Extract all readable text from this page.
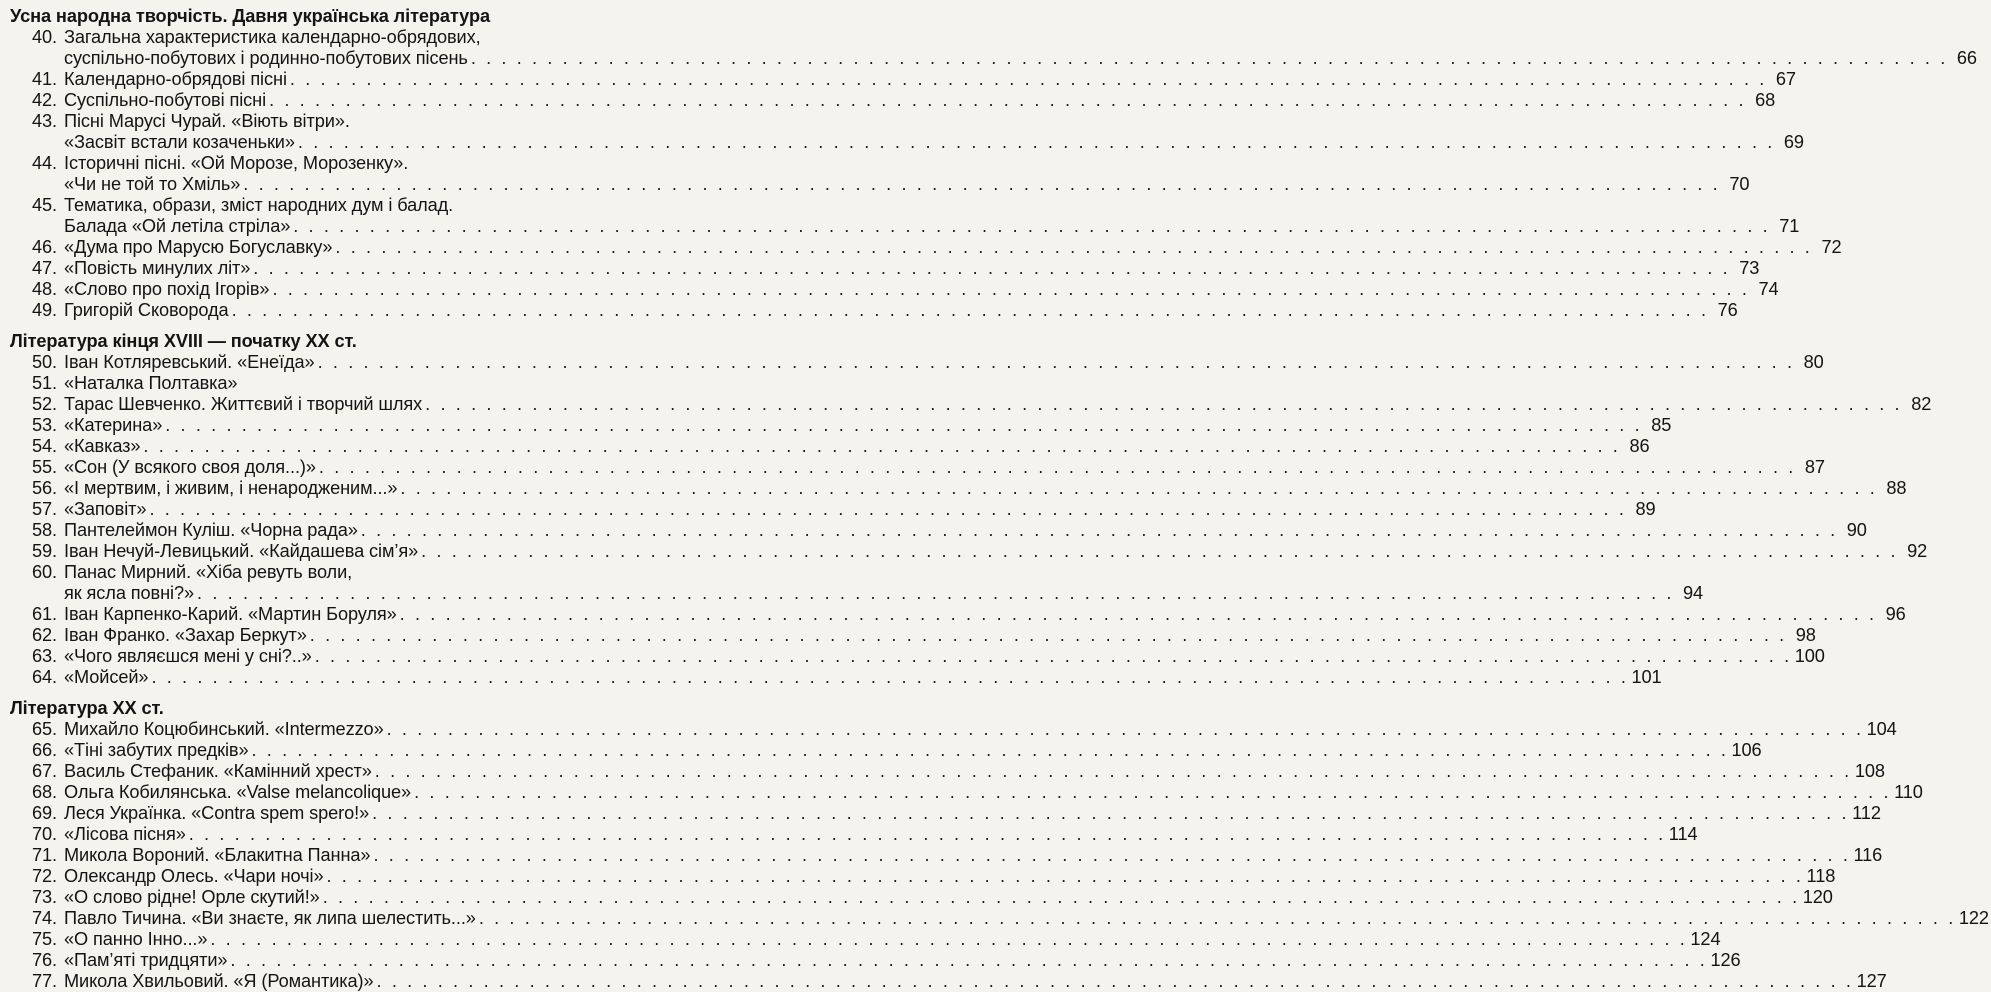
Усна народна творчість. Давня українська література
40. Загальна характеристика календарно-обрядових,
суспільно-побутових і родинно-побутових пісень . . .	66
41. Календарно-обрядові пісні . . .	67
42. Суспільно-побутові пісні . . .	68
43. Пісні Марусі Чурай. «Віють вітри».
«Засвіт встали козаченьки» . . .	69
44. Історичні пісні. «Ой Морозе, Морозенку».
«Чи не той то Хміль» . . .	70
45. Тематика, образи, зміст народних дум і балад.
Балада «Ой летіла стріла» . . .	71
46. «Дума про Марусю Богуславку» . . .	72
47. «Повість минулих літ» . . .	73
48. «Слово про похід Ігорів» . . .	74
49. Григорій Сковорода . . .	76
Література кінця XVIII — початку XX ст.
50. Іван Котляревський. «Енеїда» . . .	80
51. «Наталка Полтавка»
52. Тарас Шевченко. Життєвий і творчий шлях . . .	82
53. «Катерина» . . .	85
54. «Кавказ» . . .	86
55. «Сон (У всякого своя доля...)» . . .	87
56. «І мертвим, і живим, і ненародженим...» . . .	88
57. «Заповіт» . . .	89
58. Пантелеймон Куліш. «Чорна рада» . . .	90
59. Іван Нечуй-Левицький. «Кайдашева сім’я» . . .	92
60. Панас Мирний. «Хіба ревуть воли,
як ясла повні?» . . .	94
61. Іван Карпенко-Карий. «Мартин Боруля» . . .	96
62. Іван Франко. «Захар Беркут» . . .	98
63. «Чого являєшся мені у сні?..» . . .	100
64. «Мойсей» . . .	101
Література XX ст.
65. Михайло Коцюбинський. «Intermezzo» . . .	104
66. «Тіні забутих предків» . . .	106
67. Василь Стефаник. «Камінний хрест» . . .	108
68. Ольга Кобилянська. «Valse melancolique» . . .	110
69. Леся Українка. «Contra spem spero!» . . .	112
70. «Лісова пісня» . . .	114
71. Микола Вороний. «Блакитна Панна» . . .	116
72. Олександр Олесь. «Чари ночі» . . .	118
73. «О слово рідне! Орле скутий!» . . .	120
74. Павло Тичина. «Ви знаєте, як липа шелестить...» . . .	122
75. «О панно Інно...» . . .	124
76. «Пам’яті тридцяти» . . .	126
77. Микола Хвильовий. «Я (Романтика)» . . .	127
